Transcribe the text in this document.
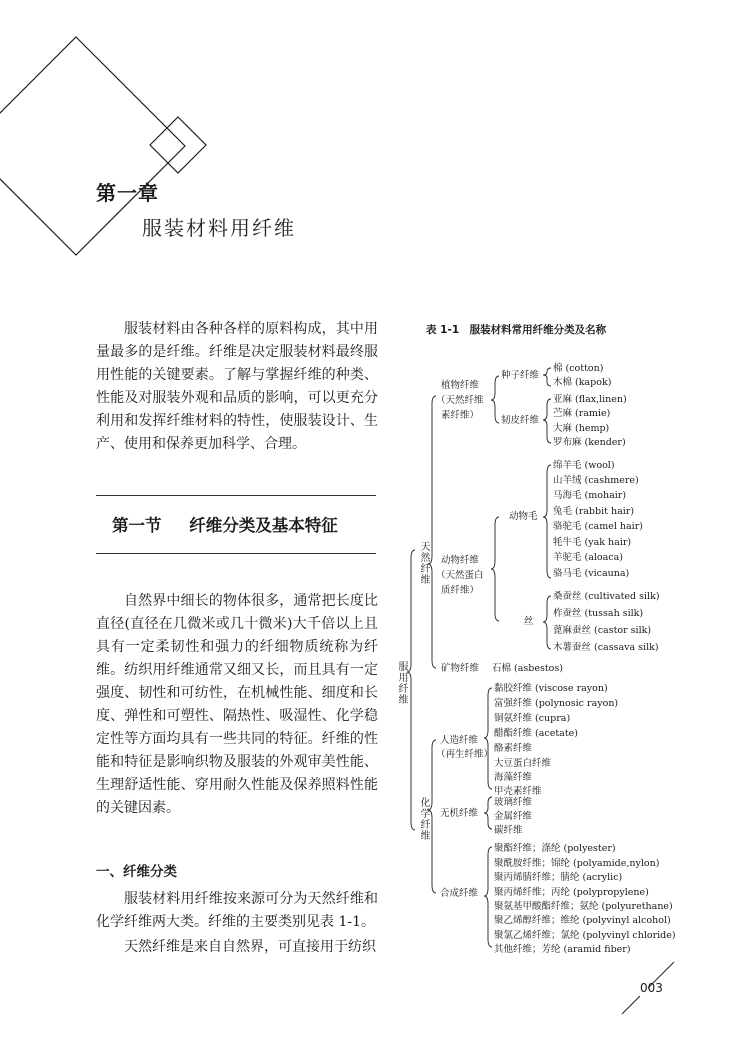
第一章
服装材料用纤维

服装材料由各种各样的原料构成，其中用量最多的是纤维。纤维是决定服装材料最终服用性能的关键要素。了解与掌握纤维的种类、性能及对服装外观和品质的影响，可以更充分利用和发挥纤维材料的特性，使服装设计、生产、使用和保养更加科学、合理。

第一节 纤维分类及基本特征

自然界中细长的物体很多，通常把长度比直径(直径在几微米或几十微米)大千倍以上且具有一定柔韧性和强力的纤细物质统称为纤维。纺织用纤维通常又细又长，而且具有一定强度、韧性和可纺性，在机械性能、细度和长度、弹性和可塑性、隔热性、吸湿性、化学稳定性等方面均具有一些共同的特征。纤维的性能和特征是影响织物及服装的外观审美性能、生理舒适性能、穿用耐久性能及保养照料性能的关键因素。

一、纤维分类

服装材料用纤维按来源可分为天然纤维和化学纤维两大类。纤维的主要类别见表 1-1。

天然纤维是来自自然界，可直接用于纺织

表 1-1　服装材料常用纤维分类及名称
服用纤维
天然纤维
化学纤维
植物纤维
（天然纤维
素纤维）
种子纤维
韧皮纤维
棉 (cotton)
木棉 (kapok)
亚麻 (flax,linen)
苎麻 (ramie)
大麻 (hemp)
罗布麻 (kender)
动物纤维
（天然蛋白
质纤维）
动物毛
丝
绵羊毛 (wool)
山羊绒 (cashmere)
马海毛 (mohair)
兔毛 (rabbit hair)
骆驼毛 (camel hair)
牦牛毛 (yak hair)
羊驼毛 (aloaca)
骆马毛 (vicauna)
桑蚕丝 (cultivated silk)
柞蚕丝 (tussah silk)
蓖麻蚕丝 (castor silk)
木薯蚕丝 (cassava silk)
矿物纤维 石棉 (asbestos)
人造纤维
（再生纤维）
黏胶纤维 (viscose rayon)
富强纤维 (polynosic rayon)
铜氨纤维 (cupra)
醋酯纤维 (acetate)
酪素纤维
大豆蛋白纤维
海藻纤维
甲壳素纤维
无机纤维
玻璃纤维
金属纤维
碳纤维
合成纤维
聚酯纤维；涤纶 (polyester)
聚酰胺纤维；锦纶 (polyamide,nylon)
聚丙烯腈纤维；腈纶 (acrylic)
聚丙烯纤维；丙纶 (polypropylene)
聚氨基甲酸酯纤维；氨纶 (polyurethane)
聚乙烯醇纤维；维纶 (polyvinyl alcohol)
聚氯乙烯纤维；氯纶 (polyvinyl chloride)
其他纤维；芳纶 (aramid fiber)
003
